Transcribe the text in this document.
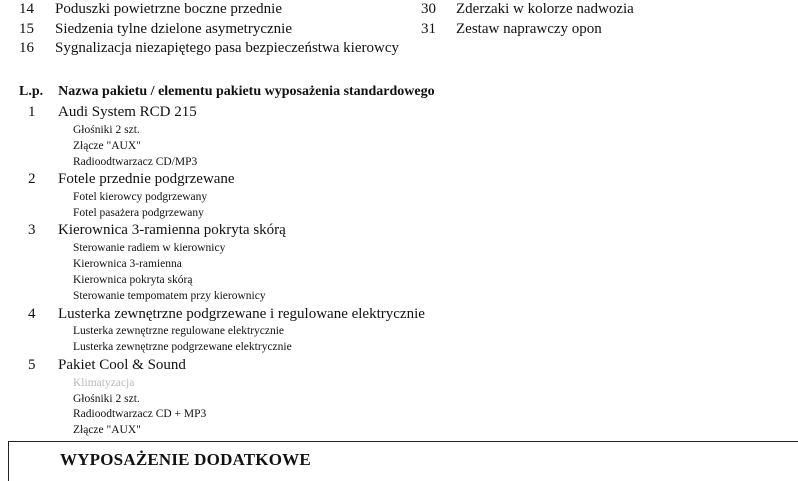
14	Poduszki powietrzne boczne przednie
15	Siedzenia tylne dzielone asymetrycznie
16	Sygnalizacja niezapiętego pasa bezpieczeństwa kierowcy
30	Zderzaki w kolorze nadwozia
31	Zestaw naprawczy opon
L.p. Nazwa pakietu / elementu pakietu wyposażenia standardowego
1 Audi System RCD 215
Głośniki 2 szt.
Złącze "AUX"
Radioodtwarzacz CD/MP3
2 Fotele przednie podgrzewane
Fotel kierowcy podgrzewany
Fotel pasażera podgrzewany
3 Kierownica 3-ramienna pokryta skórą
Sterowanie radiem w kierownicy
Kierownica 3-ramienna
Kierownica pokryta skórą
Sterowanie tempomatem przy kierownicy
4 Lusterka zewnętrzne podgrzewane i regulowane elektrycznie
Lusterka zewnętrzne regulowane elektrycznie
Lusterka zewnętrzne podgrzewane elektrycznie
5 Pakiet Cool & Sound
Klimatyzacja
Głośniki 2 szt.
Radioodtwarzacz CD + MP3
Złącze "AUX"
WYPOSAŻENIE DODATKOWE
